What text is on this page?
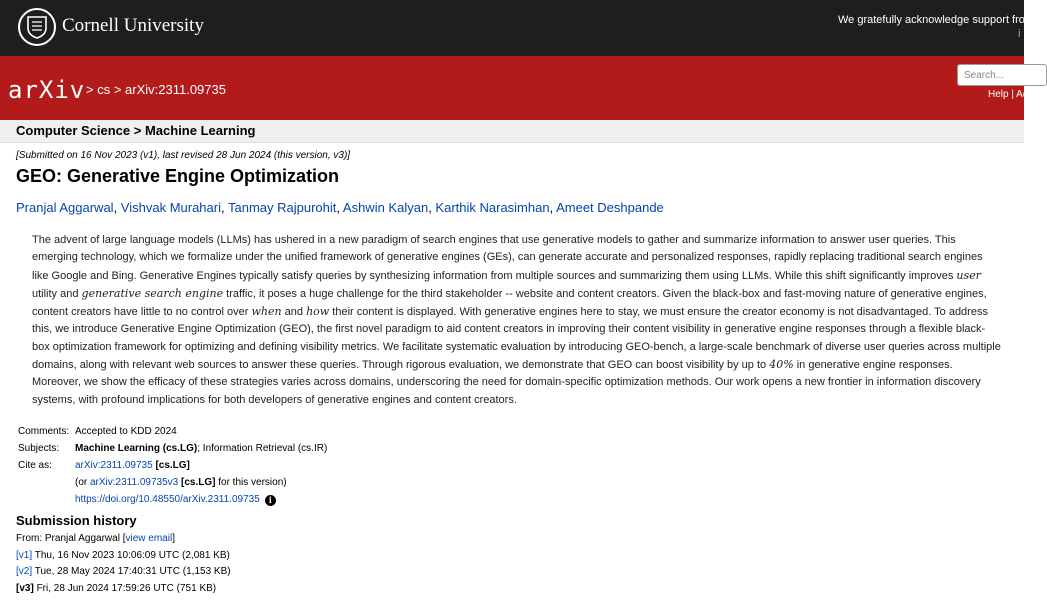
Cornell University	We gratefully acknowledge support from th
i
arXiv > cs > arXiv:2311.09735
Search...
Help | Ad
Computer Science > Machine Learning
[Submitted on 16 Nov 2023 (v1), last revised 28 Jun 2024 (this version, v3)]
GEO: Generative Engine Optimization
Pranjal Aggarwal, Vishvak Murahari, Tanmay Rajpurohit, Ashwin Kalyan, Karthik Narasimhan, Ameet Deshpande
The advent of large language models (LLMs) has ushered in a new paradigm of search engines that use generative models to gather and summarize information to answer user queries. This emerging technology, which we formalize under the unified framework of generative engines (GEs), can generate accurate and personalized responses, rapidly replacing traditional search engines like Google and Bing. Generative Engines typically satisfy queries by synthesizing information from multiple sources and summarizing them using LLMs. While this shift significantly improves user utility and generative search engine traffic, it poses a huge challenge for the third stakeholder -- website and content creators. Given the black-box and fast-moving nature of generative engines, content creators have little to no control over when and how their content is displayed. With generative engines here to stay, we must ensure the creator economy is not disadvantaged. To address this, we introduce Generative Engine Optimization (GEO), the first novel paradigm to aid content creators in improving their content visibility in generative engine responses through a flexible black-box optimization framework for optimizing and defining visibility metrics. We facilitate systematic evaluation by introducing GEO-bench, a large-scale benchmark of diverse user queries across multiple domains, along with relevant web sources to answer these queries. Through rigorous evaluation, we demonstrate that GEO can boost visibility by up to 40% in generative engine responses. Moreover, we show the efficacy of these strategies varies across domains, underscoring the need for domain-specific optimization methods. Our work opens a new frontier in information discovery systems, with profound implications for both developers of generative engines and content creators.
Comments: Accepted to KDD 2024
Subjects:	Machine Learning (cs.LG); Information Retrieval (cs.IR)
Cite as:	arXiv:2311.09735 [cs.LG]
(or arXiv:2311.09735v3 [cs.LG] for this version)
https://doi.org/10.48550/arXiv.2311.09735 i
Submission history
From: Pranjal Aggarwal [view email]
[v1] Thu, 16 Nov 2023 10:06:09 UTC (2,081 KB)
[v2] Tue, 28 May 2024 17:40:31 UTC (1,153 KB)
[v3] Fri, 28 Jun 2024 17:59:26 UTC (751 KB)
